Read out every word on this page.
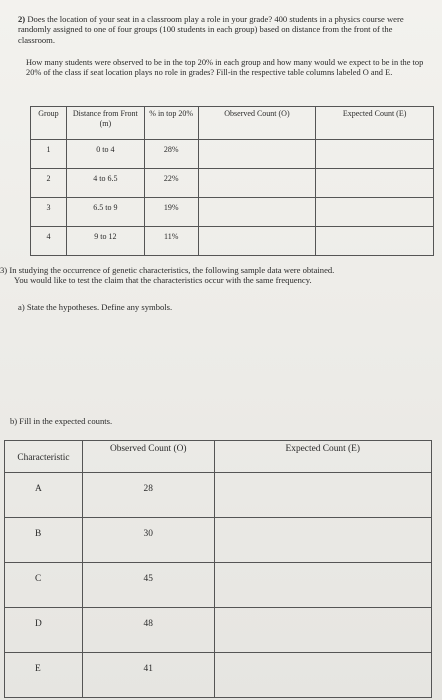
2) Does the location of your seat in a classroom play a role in your grade? 400 students in a physics course were randomly assigned to one of four groups (100 students in each group) based on distance from the front of the classroom.
How many students were observed to be in the top 20% in each group and how many would we expect to be in the top 20% of the class if seat location plays no role in grades? Fill-in the respective table columns labeled O and E.
Group	Distance from Front (m)	% in top 20%	Observed Count (O)	Expected Count (E)
1	0 to 4	28%		
2	4 to 6.5	22%		
3	6.5 to 9	19%		
4	9 to 12	11%		
3) In studying the occurrence of genetic characteristics, the following sample data were obtained.
You would like to test the claim that the characteristics occur with the same frequency.
a) State the hypotheses. Define any symbols.
b) Fill in the expected counts.
Characteristic	Observed Count (O)	Expected Count (E)
A	28	
B	30	
C	45	
D	48	
E	41	
